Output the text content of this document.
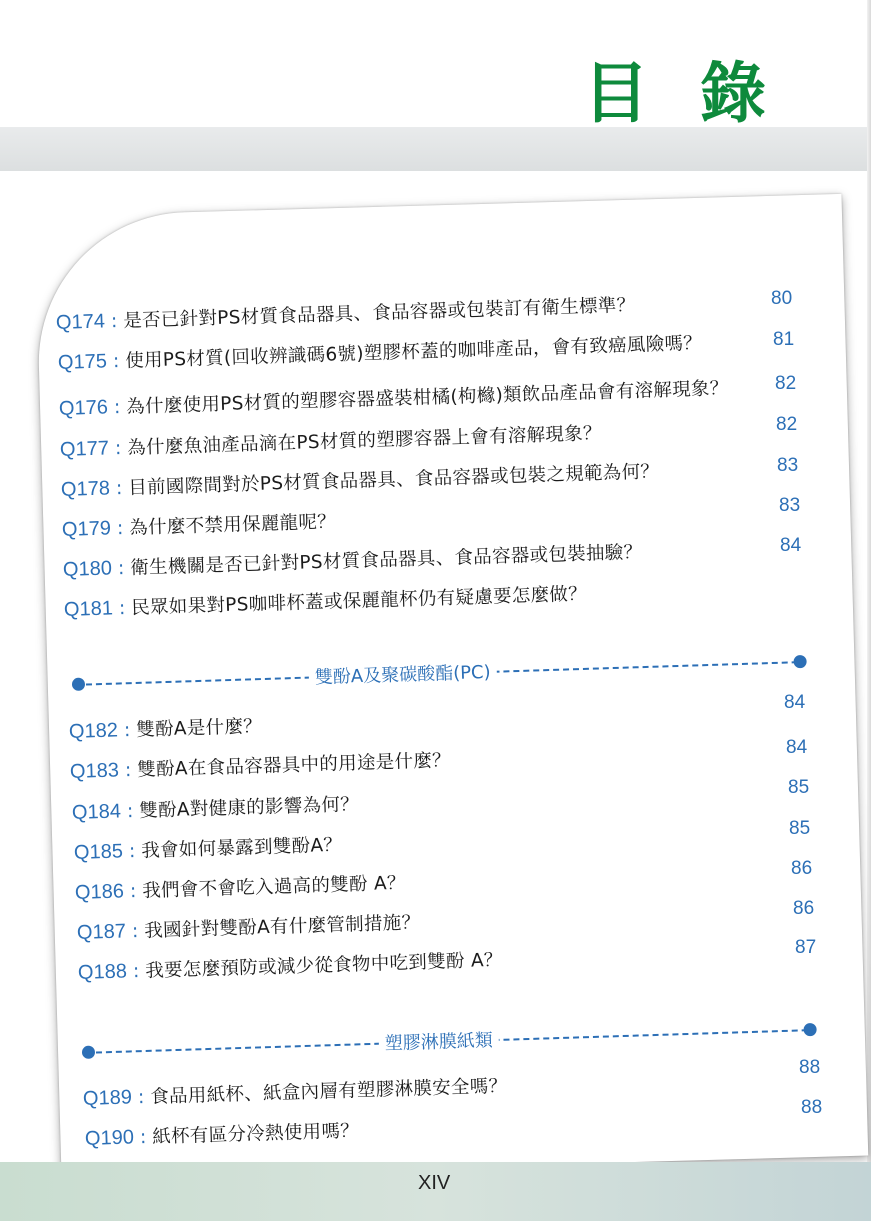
目 錄
Q174 : 是否已針對PS材質食品器具、食品容器或包裝訂有衛生標準？
Q175 : 使用PS材質(回收辨識碼6號)塑膠杯蓋的咖啡產品，會有致癌風險嗎？
Q176 : 為什麼使用PS材質的塑膠容器盛裝柑橘(枸櫞)類飲品產品會有溶解現象？
Q177 : 為什麼魚油產品滴在PS材質的塑膠容器上會有溶解現象？
Q178 : 目前國際間對於PS材質食品器具、食品容器或包裝之規範為何？
Q179 : 為什麼不禁用保麗龍呢？
Q180 : 衛生機關是否已針對PS材質食品器具、食品容器或包裝抽驗？
Q181 : 民眾如果對PS咖啡杯蓋或保麗龍杯仍有疑慮要怎麼做？
80
81
82
82
83
83
84
雙酚A及聚碳酸酯(PC)
Q182 : 雙酚A是什麼？
Q183 : 雙酚A在食品容器具中的用途是什麼？
Q184 : 雙酚A對健康的影響為何？
Q185 : 我會如何暴露到雙酚A？
Q186 : 我們會不會吃入過高的雙酚 A？
Q187 : 我國針對雙酚A有什麼管制措施？
Q188 : 我要怎麼預防或減少從食物中吃到雙酚 A？
84
84
85
85
86
86
87
塑膠淋膜紙類
Q189 : 食品用紙杯、紙盒內層有塑膠淋膜安全嗎？
Q190 : 紙杯有區分冷熱使用嗎？
88
88
XIV
